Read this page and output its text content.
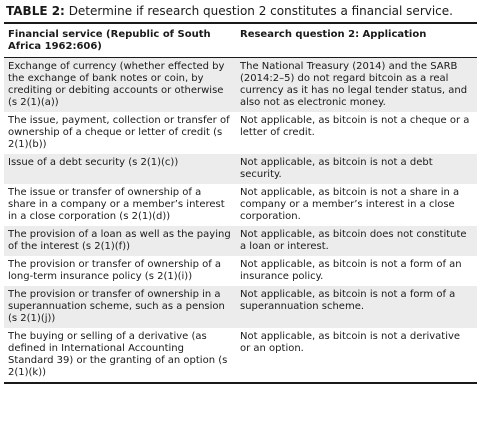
TABLE 2: Determine if research question 2 constitutes a financial service.
Financial service (Republic of South Africa 1962:606)	Research question 2: Application
Exchange of currency (whether effected by the exchange of bank notes or coin, by crediting or debiting accounts or otherwise (s 2(1)(a))	The National Treasury (2014) and the SARB (2014:2–5) do not regard bitcoin as a real currency as it has no legal tender status, and also not as electronic money.
The issue, payment, collection or transfer of ownership of a cheque or letter of credit (s 2(1)(b))	Not applicable, as bitcoin is not a cheque or a letter of credit.
Issue of a debt security (s 2(1)(c))	Not applicable, as bitcoin is not a debt security.
The issue or transfer of ownership of a share in a company or a member’s interest in a close corporation (s 2(1)(d))	Not applicable, as bitcoin is not a share in a company or a member’s interest in a close corporation.
The provision of a loan as well as the paying of the interest (s 2(1)(f))	Not applicable, as bitcoin does not constitute a loan or interest.
The provision or transfer of ownership of a long-term insurance policy (s 2(1)(i))	Not applicable, as bitcoin is not a form of an insurance policy.
The provision or transfer of ownership in a superannuation scheme, such as a pension (s 2(1)(j))	Not applicable, as bitcoin is not a form of a superannuation scheme.
The buying or selling of a derivative (as defined in International Accounting Standard 39) or the granting of an option (s 2(1)(k))	Not applicable, as bitcoin is not a derivative or an option.
